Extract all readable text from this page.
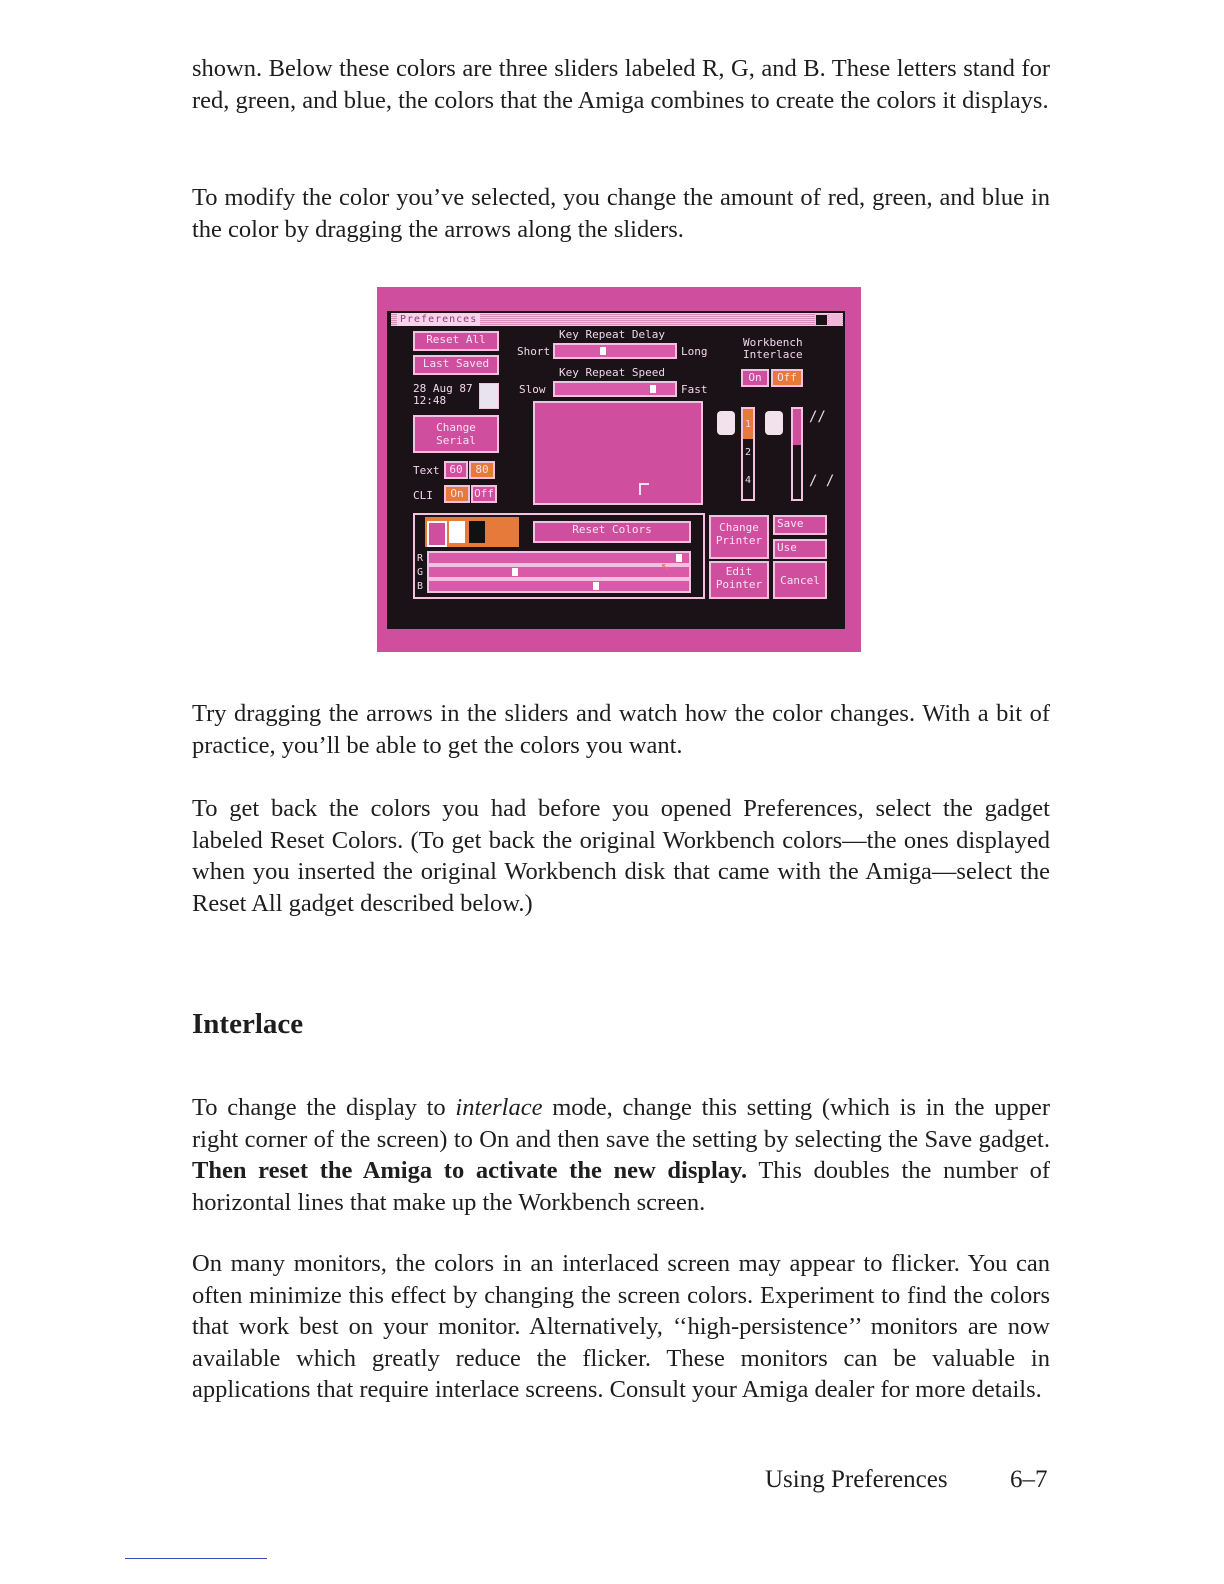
shown. Below these colors are three sliders labeled R, G, and B. These letters stand for red, green, and blue, the colors that the Amiga combines to create the colors it displays.

To modify the color you’ve selected, you change the amount of red, green, and blue in the color by dragging the arrows along the sliders.

Preferences
Reset All
Last Saved
28 Aug 87
12:48
Change
Serial
Text 60	80
CLI	On Off
Key Repeat Delay
Short	Long
Key Repeat Speed
Slow	Fast
Workbench
Interlace
On	Off
1
2
4
//
/ /
Reset Colors
R
G
B
↖
Change
Printer
Edit
Pointer
Save
Use
Cancel

Try dragging the arrows in the sliders and watch how the color changes. With a bit of practice, you’ll be able to get the colors you want.

To get back the colors you had before you opened Preferences, select the gadget labeled Reset Colors. (To get back the original Workbench colors—the ones displayed when you inserted the original Workbench disk that came with the Amiga—select the Reset All gadget described below.)

Interlace

To change the display to interlace mode, change this setting (which is in the upper right corner of the screen) to On and then save the setting by selecting the Save gadget. Then reset the Amiga to activate the new display. This doubles the number of horizontal lines that make up the Workbench screen.

On many monitors, the colors in an interlaced screen may appear to flicker. You can often minimize this effect by changing the screen colors. Experiment to find the colors that work best on your monitor. Alternatively, ‘‘high-persistence’’ monitors are now available which greatly reduce the flicker. These monitors can be valuable in applications that require interlace screens. Consult your Amiga dealer for more details.

Using Preferences 6–7
